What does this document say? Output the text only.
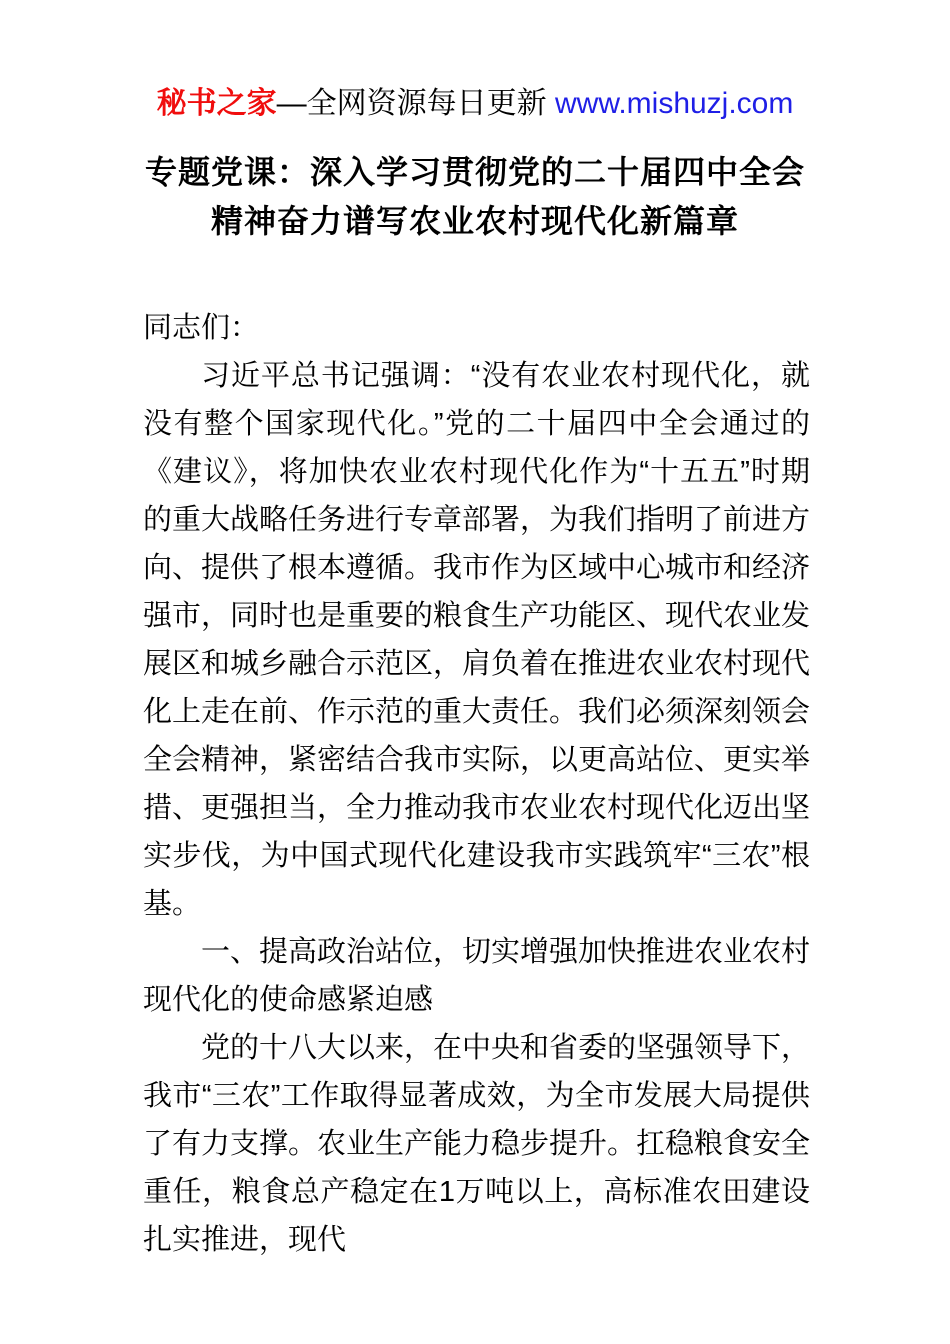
秘书之家—全网资源每日更新 www.mishuzj.com
专题党课：深入学习贯彻党的二十届四中全会
精神奋力谱写农业农村现代化新篇章

同志们：

习近平总书记强调：“没有农业农村现代化，就没有整个国家现代化。”党的二十届四中全会通过的《建议》，将加快农业农村现代化作为“十五五”时期的重大战略任务进行专章部署，为我们指明了前进方向、提供了根本遵循。我市作为区域中心城市和经济强市，同时也是重要的粮食生产功能区、现代农业发展区和城乡融合示范区，肩负着在推进农业农村现代化上走在前、作示范的重大责任。我们必须深刻领会全会精神，紧密结合我市实际，以更高站位、更实举措、更强担当，全力推动我市农业农村现代化迈出坚实步伐，为中国式现代化建设我市实践筑牢“三农”根基。

一、提高政治站位，切实增强加快推进农业农村现代化的使命感紧迫感

党的十八大以来，在中央和省委的坚强领导下，我市“三农”工作取得显著成效，为全市发展大局提供了有力支撑。农业生产能力稳步提升。扛稳粮食安全重任，粮食总产稳定在1万吨以上，高标准农田建设扎实推进，现代
